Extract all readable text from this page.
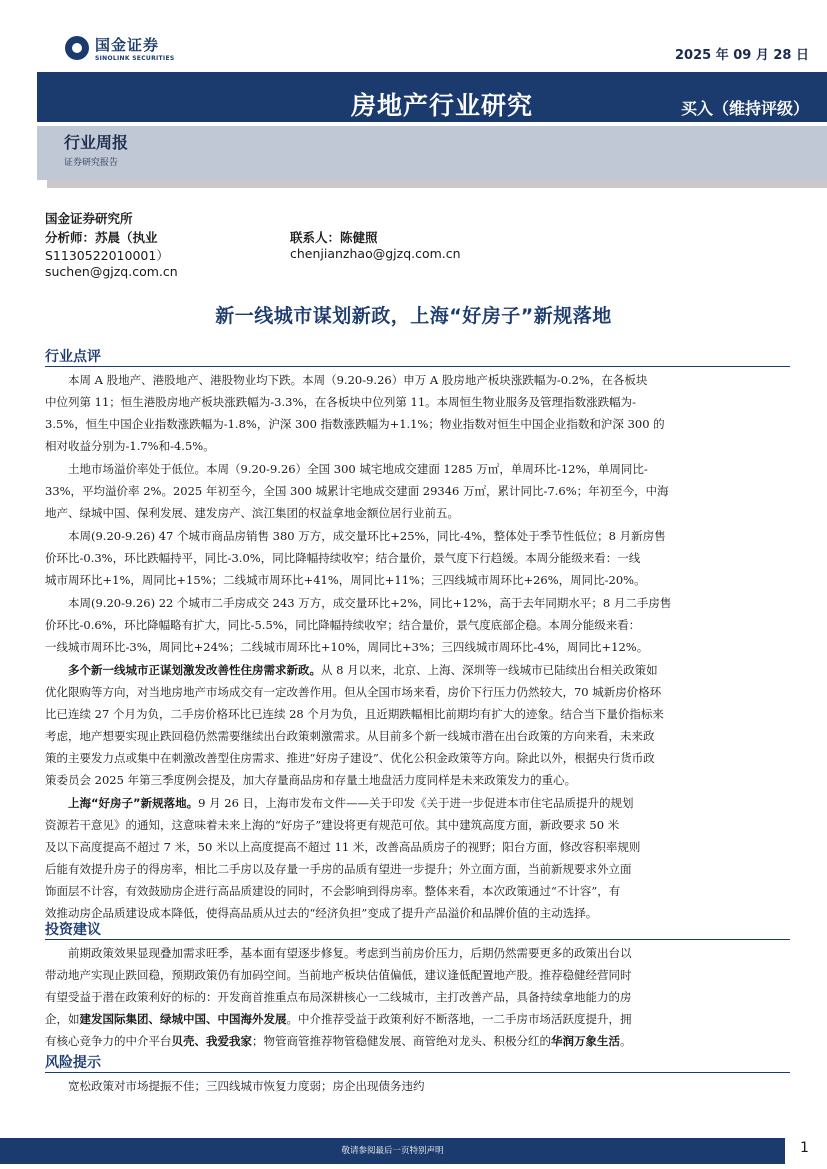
国金证券
SINOLINK SECURITIES	2025 年 09 月 28 日
房地产行业研究	买入（维持评级）
行业周报
证券研究报告
国金证券研究所
分析师：苏晨（执业
S1130522010001）
suchen@gjzq.com.cn
联系人：陈健照
chenjianzhao@gjzq.com.cn
新一线城市谋划新政，上海“好房子”新规落地
行业点评
本周 A 股地产、港股地产、港股物业均下跌。本周（9.20-9.26）申万 A 股房地产板块涨跌幅为-0.2%，在各板块
中位列第 11；恒生港股房地产板块涨跌幅为-3.3%，在各板块中位列第 11。本周恒生物业服务及管理指数涨跌幅为-
3.5%，恒生中国企业指数涨跌幅为-1.8%，沪深 300 指数涨跌幅为+1.1%；物业指数对恒生中国企业指数和沪深 300 的
相对收益分别为-1.7%和-4.5%。
土地市场溢价率处于低位。本周（9.20-9.26）全国 300 城宅地成交建面 1285 万㎡，单周环比-12%，单周同比-
33%，平均溢价率 2%。2025 年初至今，全国 300 城累计宅地成交建面 29346 万㎡，累计同比-7.6%；年初至今，中海
地产、绿城中国、保利发展、建发房产、滨江集团的权益拿地金额位居行业前五。
本周(9.20-9.26) 47 个城市商品房销售 380 万方，成交量环比+25%，同比-4%，整体处于季节性低位；8 月新房售
价环比-0.3%，环比跌幅持平，同比-3.0%，同比降幅持续收窄；结合量价，景气度下行趋缓。本周分能级来看：一线
城市周环比+1%，周同比+15%；二线城市周环比+41%，周同比+11%；三四线城市周环比+26%，周同比-20%。
本周(9.20-9.26) 22 个城市二手房成交 243 万方，成交量环比+2%，同比+12%，高于去年同期水平；8 月二手房售
价环比-0.6%，环比降幅略有扩大，同比-5.5%，同比降幅持续收窄；结合量价，景气度底部企稳。本周分能级来看：
一线城市周环比-3%，周同比+24%；二线城市周环比+10%，周同比+3%；三四线城市周环比-4%，周同比+12%。
多个新一线城市正谋划激发改善性住房需求新政。从 8 月以来，北京、上海、深圳等一线城市已陆续出台相关政策如
优化限购等方向，对当地房地产市场成交有一定改善作用。但从全国市场来看，房价下行压力仍然较大，70 城新房价格环
比已连续 27 个月为负，二手房价格环比已连续 28 个月为负，且近期跌幅相比前期均有扩大的迹象。结合当下量价指标来
考虑，地产想要实现止跌回稳仍然需要继续出台政策刺激需求。从目前多个新一线城市潜在出台政策的方向来看，未来政
策的主要发力点或集中在刺激改善型住房需求、推进“好房子建设”、优化公积金政策等方向。除此以外，根据央行货币政
策委员会 2025 年第三季度例会提及，加大存量商品房和存量土地盘活力度同样是未来政策发力的重心。
上海“好房子”新规落地。9 月 26 日，上海市发布文件——关于印发《关于进一步促进本市住宅品质提升的规划
资源若干意见》的通知，这意味着未来上海的“好房子”建设将更有规范可依。其中建筑高度方面，新政要求 50 米
及以下高度提高不超过 7 米，50 米以上高度提高不超过 11 米，改善高品质房子的视野；阳台方面，修改容积率规则
后能有效提升房子的得房率，相比二手房以及存量一手房的品质有望进一步提升；外立面方面，当前新规要求外立面
饰面层不计容，有效鼓励房企进行高品质建设的同时，不会影响到得房率。整体来看，本次政策通过“不计容”，有
效推动房企品质建设成本降低，使得高品质从过去的“经济负担”变成了提升产品溢价和品牌价值的主动选择。
投资建议
前期政策效果显现叠加需求旺季，基本面有望逐步修复。考虑到当前房价压力，后期仍然需要更多的政策出台以
带动地产实现止跌回稳，预期政策仍有加码空间。当前地产板块估值偏低，建议逢低配置地产股。推荐稳健经营同时
有望受益于潜在政策利好的标的：开发商首推重点布局深耕核心一二线城市，主打改善产品，具备持续拿地能力的房
企，如建发国际集团、绿城中国、中国海外发展。中介推荐受益于政策利好不断落地，一二手房市场活跃度提升，拥
有核心竞争力的中介平台贝壳、我爱我家；物管商管推荐物管稳健发展、商管绝对龙头、积极分红的华润万象生活。
风险提示
宽松政策对市场提振不佳；三四线城市恢复力度弱；房企出现债务违约
敬请参阅最后一页特别声明	1
